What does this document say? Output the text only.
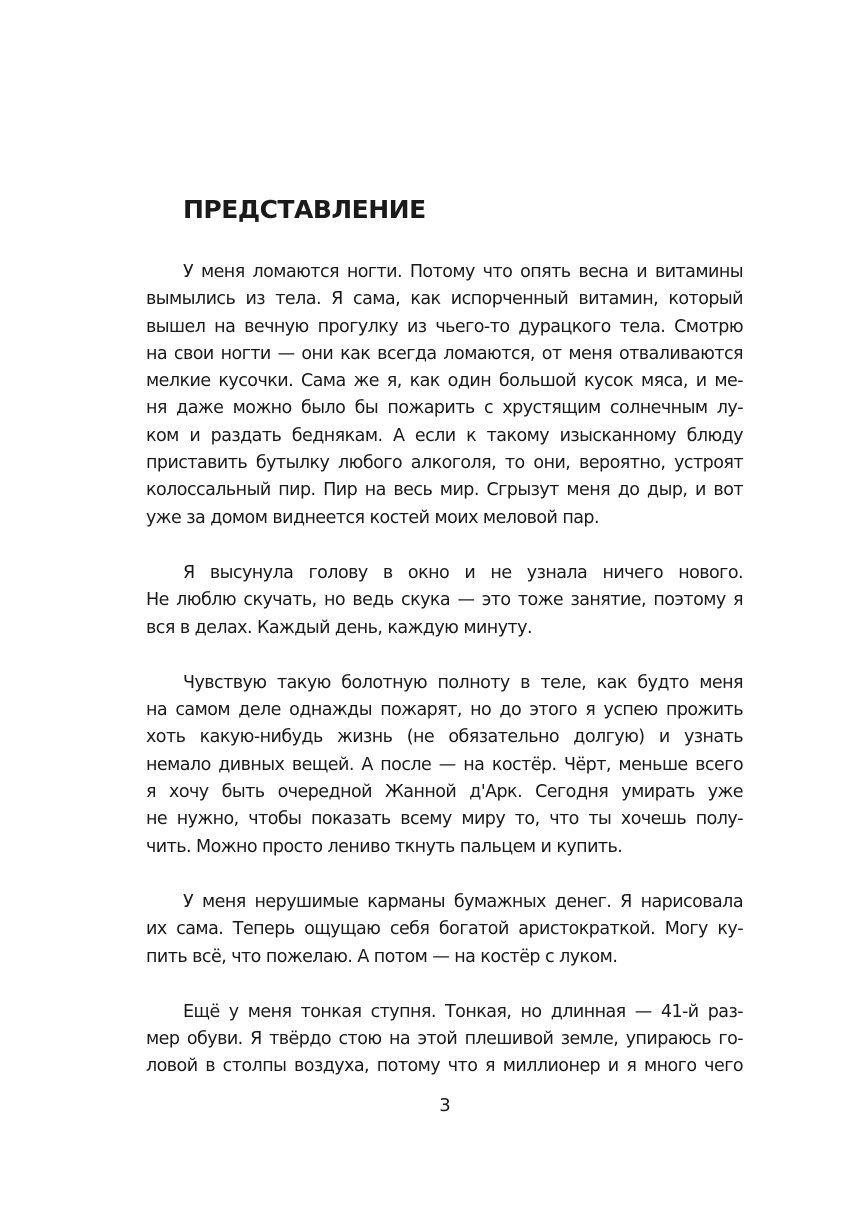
ПРЕДСТАВЛЕНИЕ

У меня ломаются ногти. Потому что опять весна и витамины
вымылись из тела. Я сама, как испорченный витамин, который
вышел на вечную прогулку из чьего-то дурацкого тела. Смотрю
на свои ногти — они как всегда ломаются, от меня отваливаются
мелкие кусочки. Сама же я, как один большой кусок мяса, и ме-
ня даже можно было бы пожарить с хрустящим солнечным лу-
ком и раздать беднякам. А если к такому изысканному блюду
приставить бутылку любого алкоголя, то они, вероятно, устроят
колоссальный пир. Пир на весь мир. Сгрызут меня до дыр, и вот
уже за домом виднеется костей моих меловой пар.

Я высунула голову в окно и не узнала ничего нового.
Не люблю скучать, но ведь скука — это тоже занятие, поэтому я
вся в делах. Каждый день, каждую минуту.

Чувствую такую болотную полноту в теле, как будто меня
на самом деле однажды пожарят, но до этого я успею прожить
хоть какую-нибудь жизнь (не обязательно долгую) и узнать
немало дивных вещей. А после — на костёр. Чёрт, меньше всего
я хочу быть очередной Жанной д'Арк. Сегодня умирать уже
не нужно, чтобы показать всему миру то, что ты хочешь полу-
чить. Можно просто лениво ткнуть пальцем и купить.

У меня нерушимые карманы бумажных денег. Я нарисовала
их сама. Теперь ощущаю себя богатой аристократкой. Могу ку-
пить всё, что пожелаю. А потом — на костёр с луком.

Ещё у меня тонкая ступня. Тонкая, но длинная — 41-й раз-
мер обуви. Я твёрдо стою на этой плешивой земле, упираюсь го-
ловой в столпы воздуха, потому что я миллионер и я много чего

3
